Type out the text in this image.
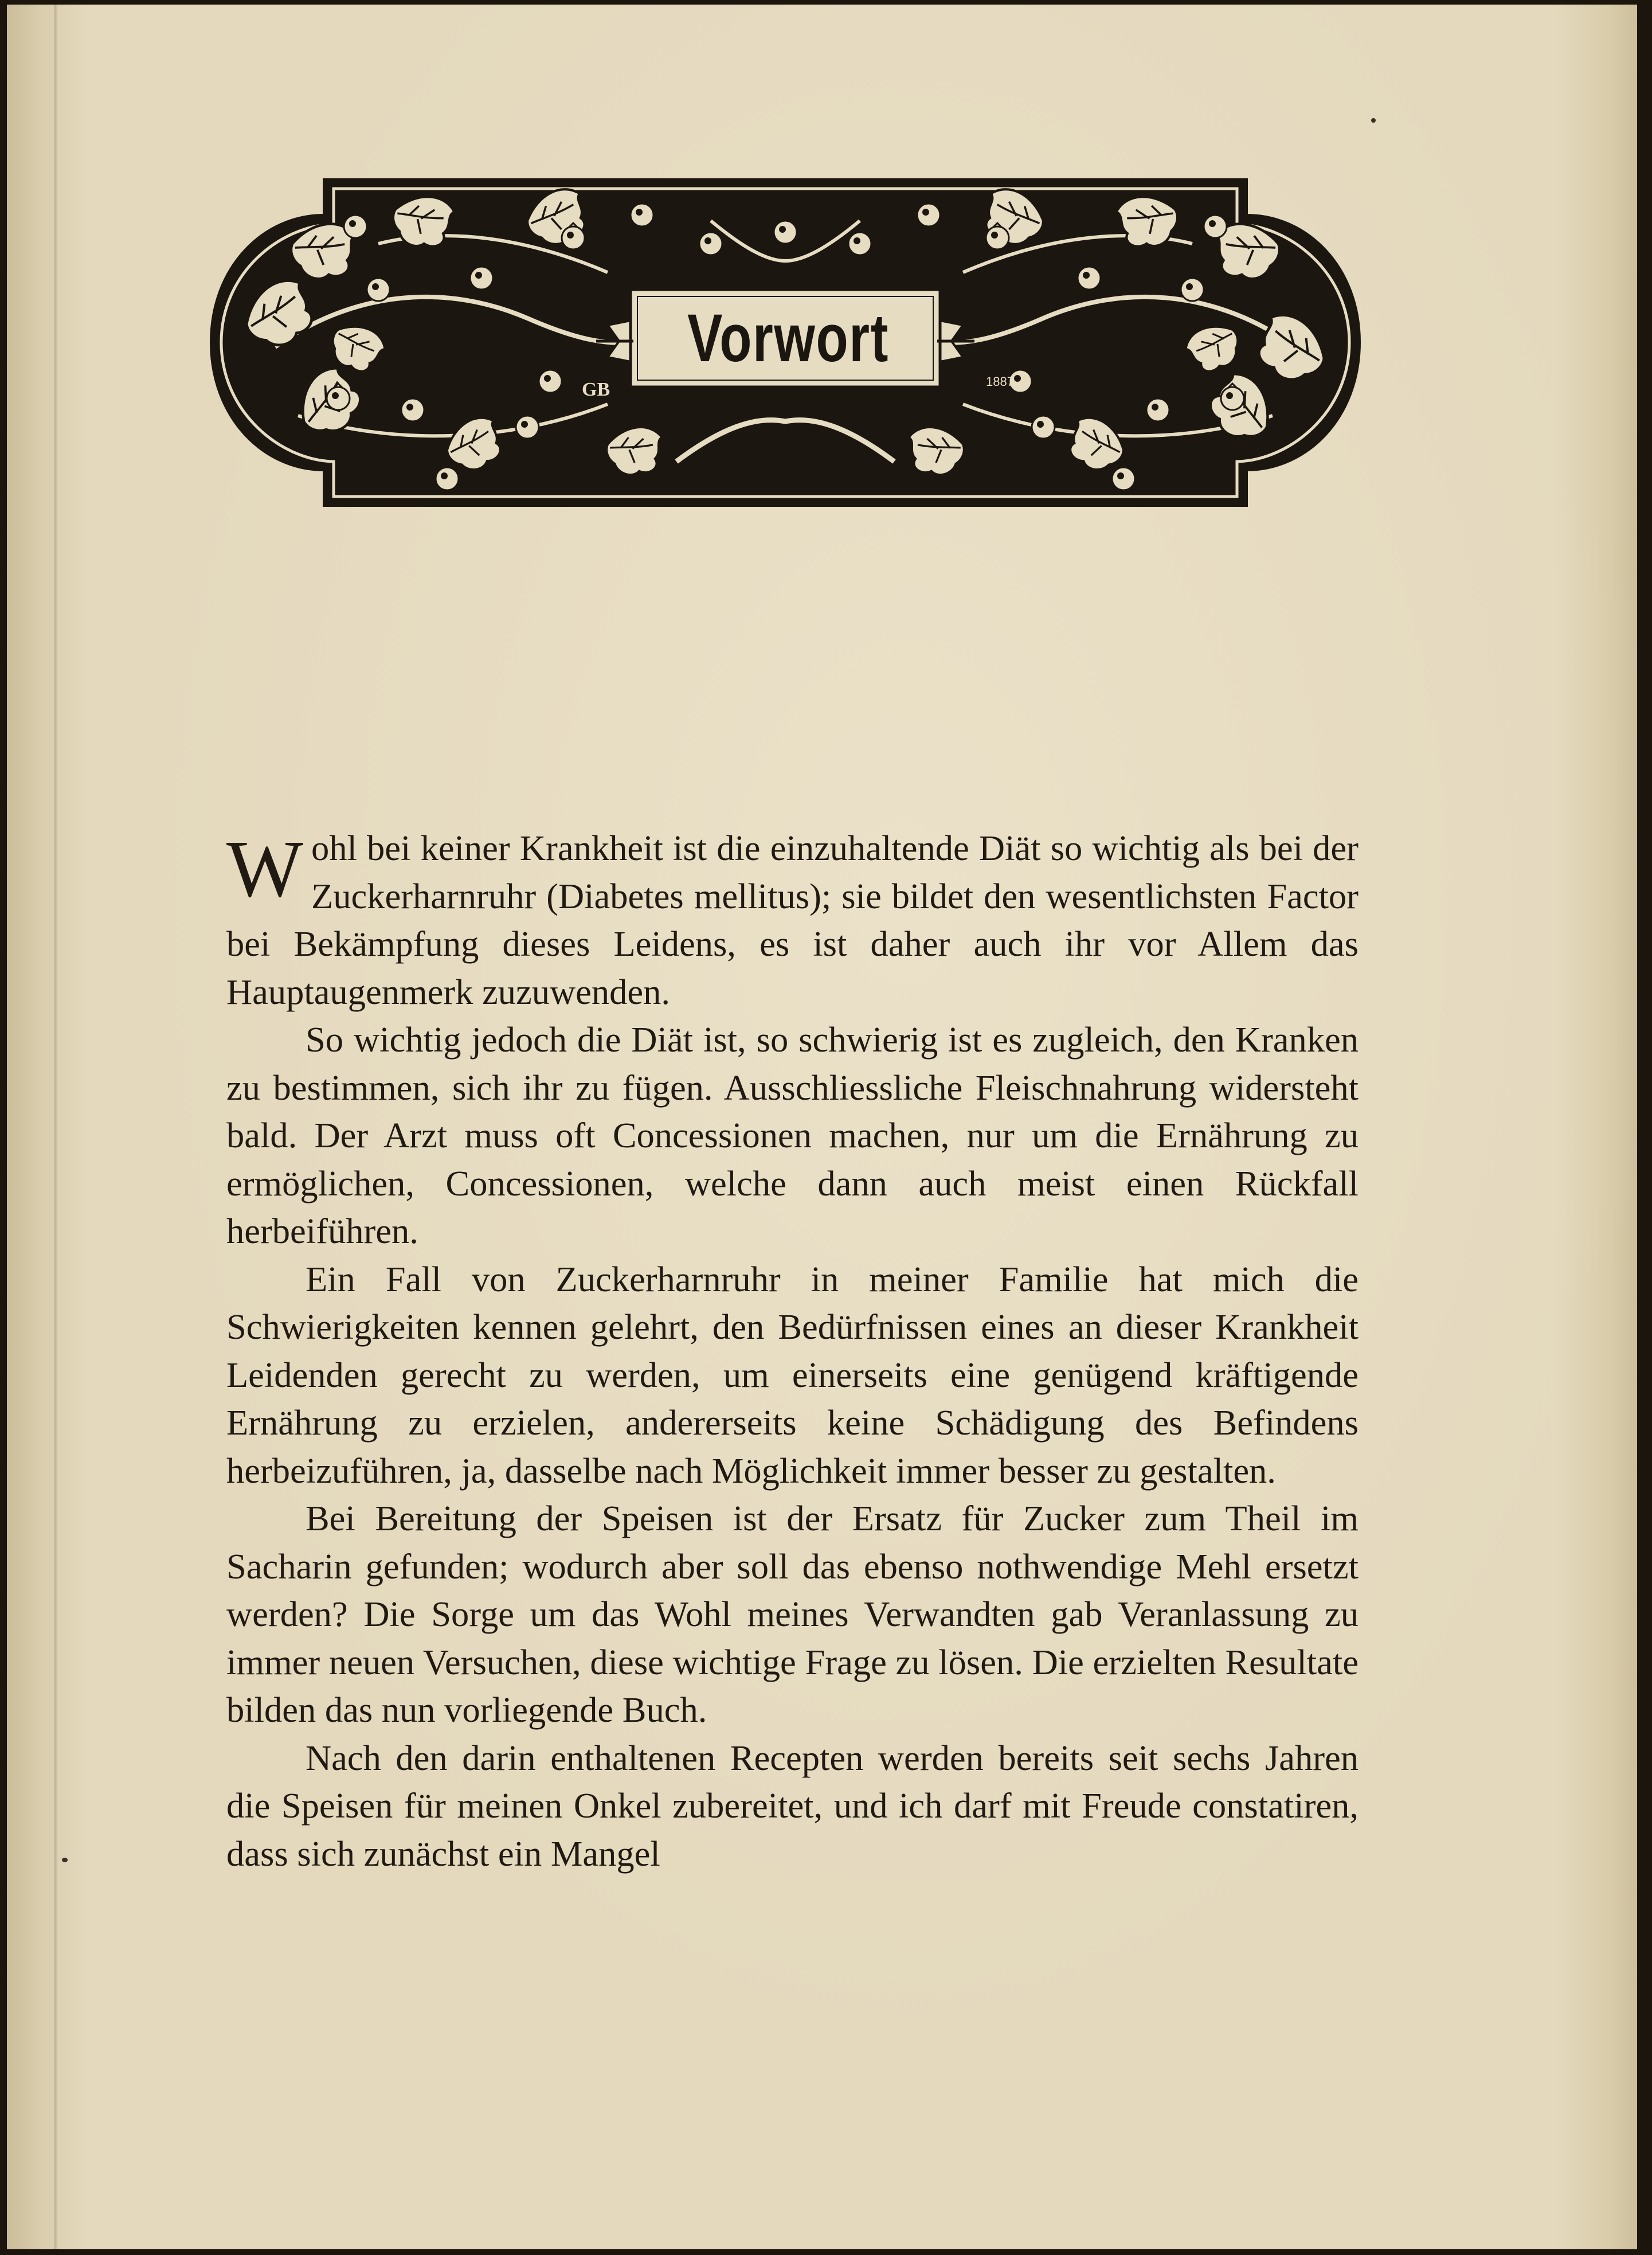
GB	1887
Vorwort

Wohl bei keiner Krankheit ist die einzuhaltende Diät so wichtig als bei der Zuckerharnruhr (Diabetes mellitus); sie bildet den wesentlichsten Factor bei Bekämpfung dieses Leidens, es ist daher auch ihr vor Allem das Hauptaugenmerk zuzuwenden.

So wichtig jedoch die Diät ist, so schwierig ist es zugleich, den Kranken zu bestimmen, sich ihr zu fügen. Ausschliessliche Fleischnahrung widersteht bald. Der Arzt muss oft Concessionen machen, nur um die Ernährung zu ermöglichen, Concessionen, welche dann auch meist einen Rückfall herbeiführen.

Ein Fall von Zuckerharnruhr in meiner Familie hat mich die Schwierigkeiten kennen gelehrt, den Bedürfnissen eines an dieser Krankheit Leidenden gerecht zu werden, um einerseits eine genügend kräftigende Ernährung zu erzielen, andererseits keine Schädigung des Befindens herbeizuführen, ja, dasselbe nach Möglichkeit immer besser zu gestalten.

Bei Bereitung der Speisen ist der Ersatz für Zucker zum Theil im Sacharin gefunden; wodurch aber soll das ebenso nothwendige Mehl ersetzt werden? Die Sorge um das Wohl meines Verwandten gab Veranlassung zu immer neuen Versuchen, diese wichtige Frage zu lösen. Die erzielten Resultate bilden das nun vorliegende Buch.

Nach den darin enthaltenen Recepten werden bereits seit sechs Jahren die Speisen für meinen Onkel zubereitet, und ich darf mit Freude constatiren, dass sich zunächst ein Mangel
